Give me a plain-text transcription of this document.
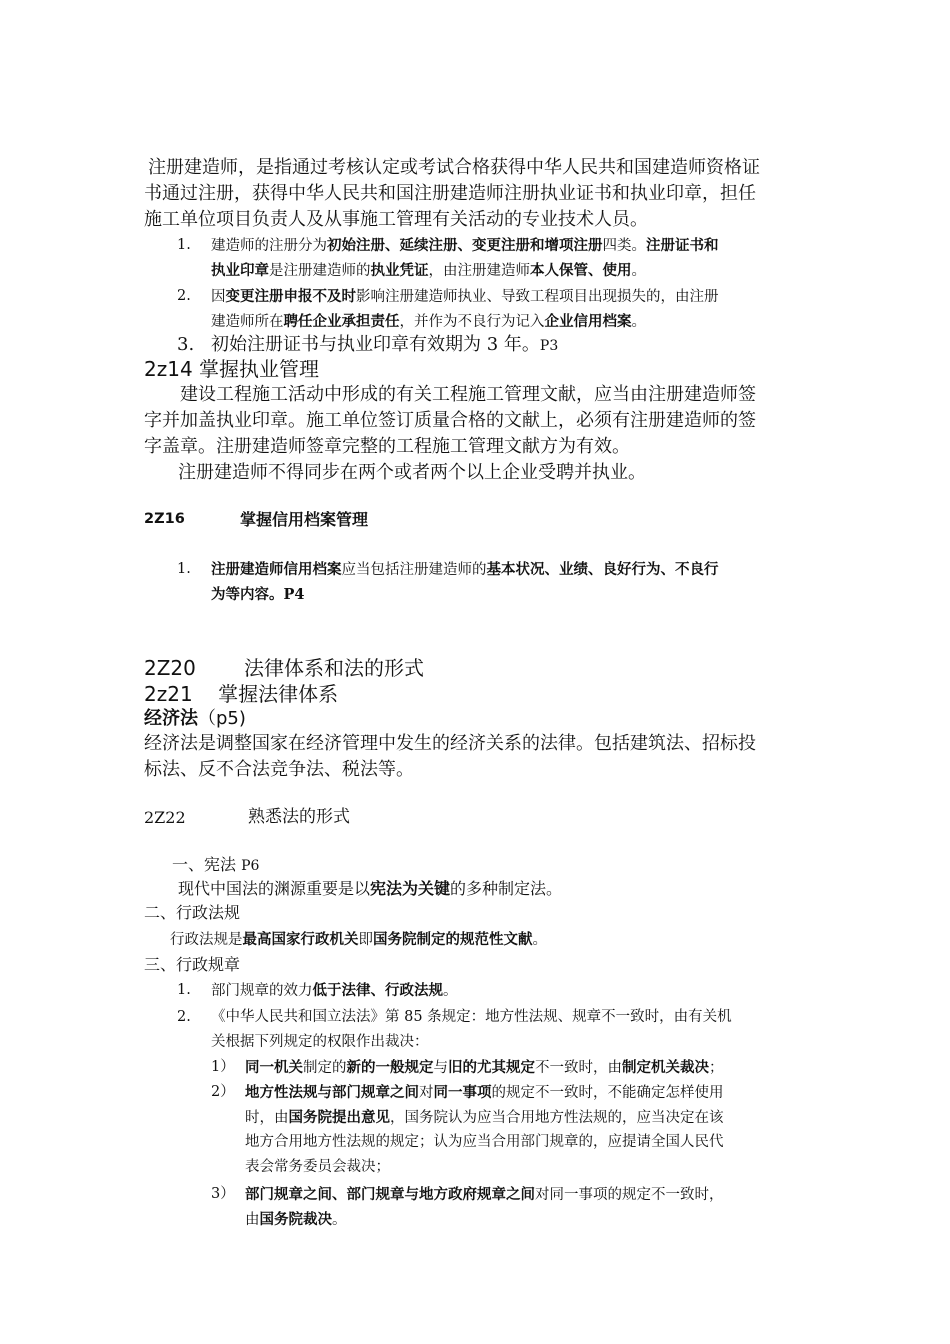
注册建造师，是指通过考核认定或考试合格获得中华人民共和国建造师资格证
书通过注册，获得中华人民共和国注册建造师注册执业证书和执业印章，担任
施工单位项目负责人及从事施工管理有关活动的专业技术人员。
1. 建造师的注册分为初始注册、延续注册、变更注册和增项注册四类。注册证书和
执业印章是注册建造师的执业凭证，由注册建造师本人保管、使用。
2. 因变更注册申报不及时影响注册建造师执业、导致工程项目出现损失的，由注册
建造师所在聘任企业承担责任，并作为不良行为记入企业信用档案。
3. 初始注册证书与执业印章有效期为 3 年。P3
2z14 掌握执业管理
建设工程施工活动中形成的有关工程施工管理文献，应当由注册建造师签
字并加盖执业印章。施工单位签订质量合格的文献上，必须有注册建造师的签
字盖章。注册建造师签章完整的工程施工管理文献方为有效。
注册建造师不得同步在两个或者两个以上企业受聘并执业。
2Z16	掌握信用档案管理
1. 注册建造师信用档案应当包括注册建造师的基本状况、业绩、良好行为、不良行
为等内容。P4
2Z20 法律体系和法的形式
2z21    掌握法律体系
经济法（p5)
经济法是调整国家在经济管理中发生的经济关系的法律。包括建筑法、招标投
标法、反不合法竞争法、税法等。
2Z22	熟悉法的形式
一、宪法 P6
现代中国法的渊源重要是以宪法为关键的多种制定法。
二、行政法规
行政法规是最高国家行政机关即国务院制定的规范性文献。
三、行政规章
1. 部门规章的效力低于法律、行政法规。
2. 《中华人民共和国立法法》第 85 条规定：地方性法规、规章不一致时，由有关机
关根据下列规定的权限作出裁决：
1） 同一机关制定的新的一般规定与旧的尤其规定不一致时，由制定机关裁决；
2） 地方性法规与部门规章之间对同一事项的规定不一致时，不能确定怎样使用
时，由国务院提出意见，国务院认为应当合用地方性法规的，应当决定在该
地方合用地方性法规的规定；认为应当合用部门规章的，应提请全国人民代
表会常务委员会裁决；
3） 部门规章之间、部门规章与地方政府规章之间对同一事项的规定不一致时，
由国务院裁决。
